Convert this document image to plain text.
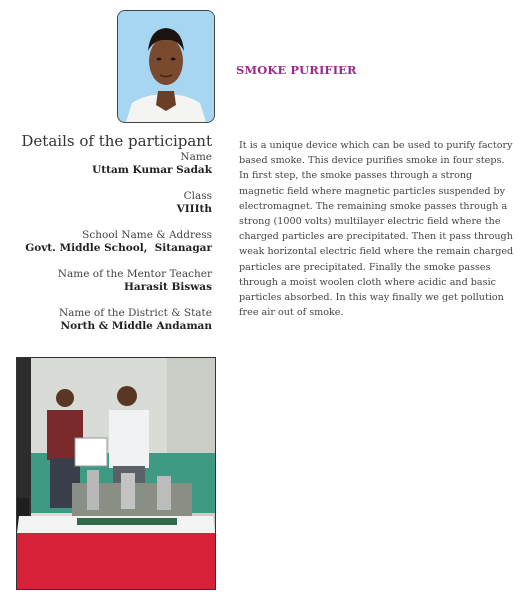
SMOKE PURIFIER
Details of the participant
Name
Uttam Kumar Sadak
Class
VIIIth
School Name & Address
Govt. Middle School,  Sitanagar
Name of the Mentor Teacher
Harasit Biswas
Name of the District & State
North & Middle Andaman
It is a unique device which can be used to purify factory based smoke. This device purifies smoke in four steps. In first step, the smoke passes through a strong magnetic field where magnetic particles suspended by electromagnet. The remaining smoke passes through a strong (1000 volts) multilayer electric field where the charged particles are precipitated. Then it pass through weak horizontal electric field where the remain charged particles are precipitated. Finally the smoke passes through a moist woolen cloth where acidic and basic particles absorbed. In this way finally we get pollution free air out of smoke.
